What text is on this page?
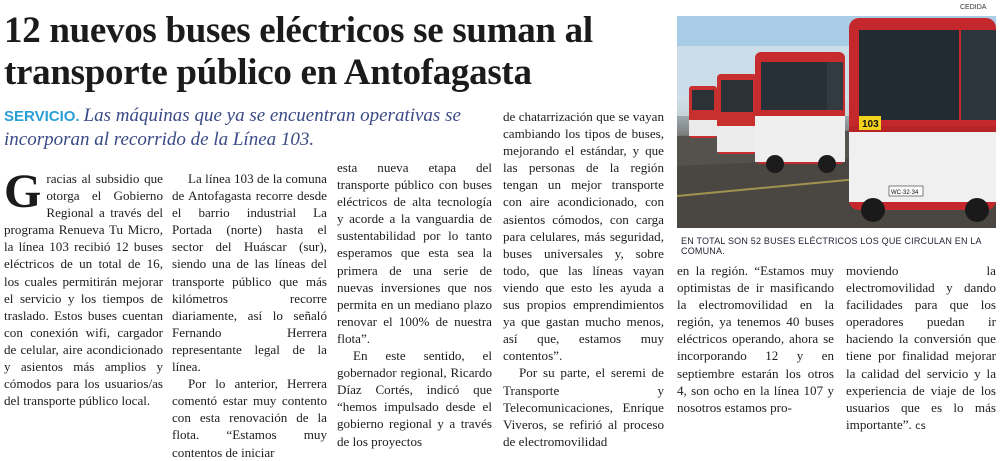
12 nuevos buses eléctricos se suman al transporte público en Antofagasta

SERVICIO. Las máquinas que ya se encuentran operativas se incorporan al recorrido de la Línea 103.

Gracias al subsidio que otorga el Gobierno Regional a través del programa Renueva Tu Micro, la línea 103 recibió 12 buses eléctricos de un total de 16, los cuales permitirán mejorar el servicio y los tiempos de traslado. Estos buses cuentan con conexión wifi, cargador de celular, aire acondicionado y asientos más amplios y cómodos para los usuarios/as del transporte público local.

La línea 103 de la comuna de Antofagasta recorre desde el barrio industrial La Portada (norte) hasta el sector del Huáscar (sur), siendo una de las líneas del transporte público que más kilómetros recorre diariamente, así lo señaló Fernando Herrera representante legal de la línea.

Por lo anterior, Herrera comentó estar muy contento con esta renovación de la flota. “Estamos muy contentos de iniciar

esta nueva etapa del transporte público con buses eléctricos de alta tecnología y acorde a la vanguardia de sustentabilidad por lo tanto esperamos que esta sea la primera de una serie de nuevas inversiones que nos permita en un mediano plazo renovar el 100% de nuestra flota”.

En este sentido, el gobernador regional, Ricardo Díaz Cortés, indicó que “hemos impulsado desde el gobierno regional y a través de los proyectos

de chatarrización que se vayan cambiando los tipos de buses, mejorando el estándar, y que las personas de la región tengan un mejor transporte con aire acondicionado, con asientos cómodos, con carga para celulares, más seguridad, buses universales y, sobre todo, que las líneas vayan viendo que esto les ayuda a sus propios emprendimientos ya que gastan mucho menos, así que, estamos muy contentos”.

Por su parte, el seremi de Transporte y Telecomunicaciones, Enrique Viveros, se refirió al proceso de electromovilidad

en la región. “Estamos muy optimistas de ir masificando la electromovilidad en la región, ya tenemos 40 buses eléctricos operando, ahora se incorporando 12 y en septiembre estarán los otros 4, son ocho en la línea 107 y nosotros estamos pro-

moviendo la electromovilidad y dando facilidades para que los operadores puedan ir haciendo la conversión que tiene por finalidad mejorar la calidad del servicio y la experiencia de viaje de los usuarios que es lo más importante”. cs

CEDIDA
103
WC·32·34
EN TOTAL SON 52 BUSES ELÉCTRICOS LOS QUE CIRCULAN EN LA COMUNA.
